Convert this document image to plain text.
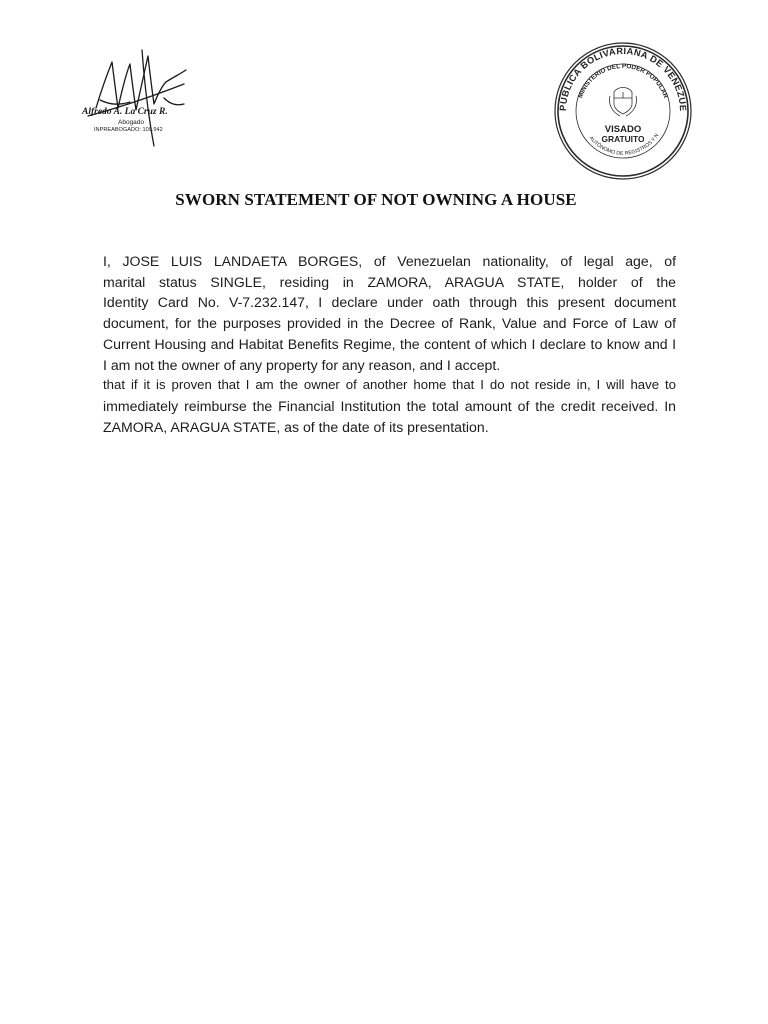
Alfredo A. La Cruz R.
Abogado
INPREABOGADO: 109.942
PÚBLICA BOLIVARIANA DE VENEZUE
MINISTERIO DEL PODER POPULAR
VISADO
GRATUITO
AUTÓNOMO DE REGISTROS Y N
SWORN STATEMENT OF NOT OWNING A HOUSE
I, JOSE LUIS LANDAETA BORGES, of Venezuelan nationality, of legal age, of
marital status SINGLE, residing in ZAMORA, ARAGUA STATE, holder of the
Identity Card No. V-7.232.147, I declare under oath through this present document
document, for the purposes provided in the Decree of Rank, Value and Force of Law of
Current Housing and Habitat Benefits Regime, the content of which I declare to know and I
I am not the owner of any property for any reason, and I accept.
that if it is proven that I am the owner of another home that I do not reside in, I will have to
immediately reimburse the Financial Institution the total amount of the credit received. In
ZAMORA, ARAGUA STATE, as of the date of its presentation.
